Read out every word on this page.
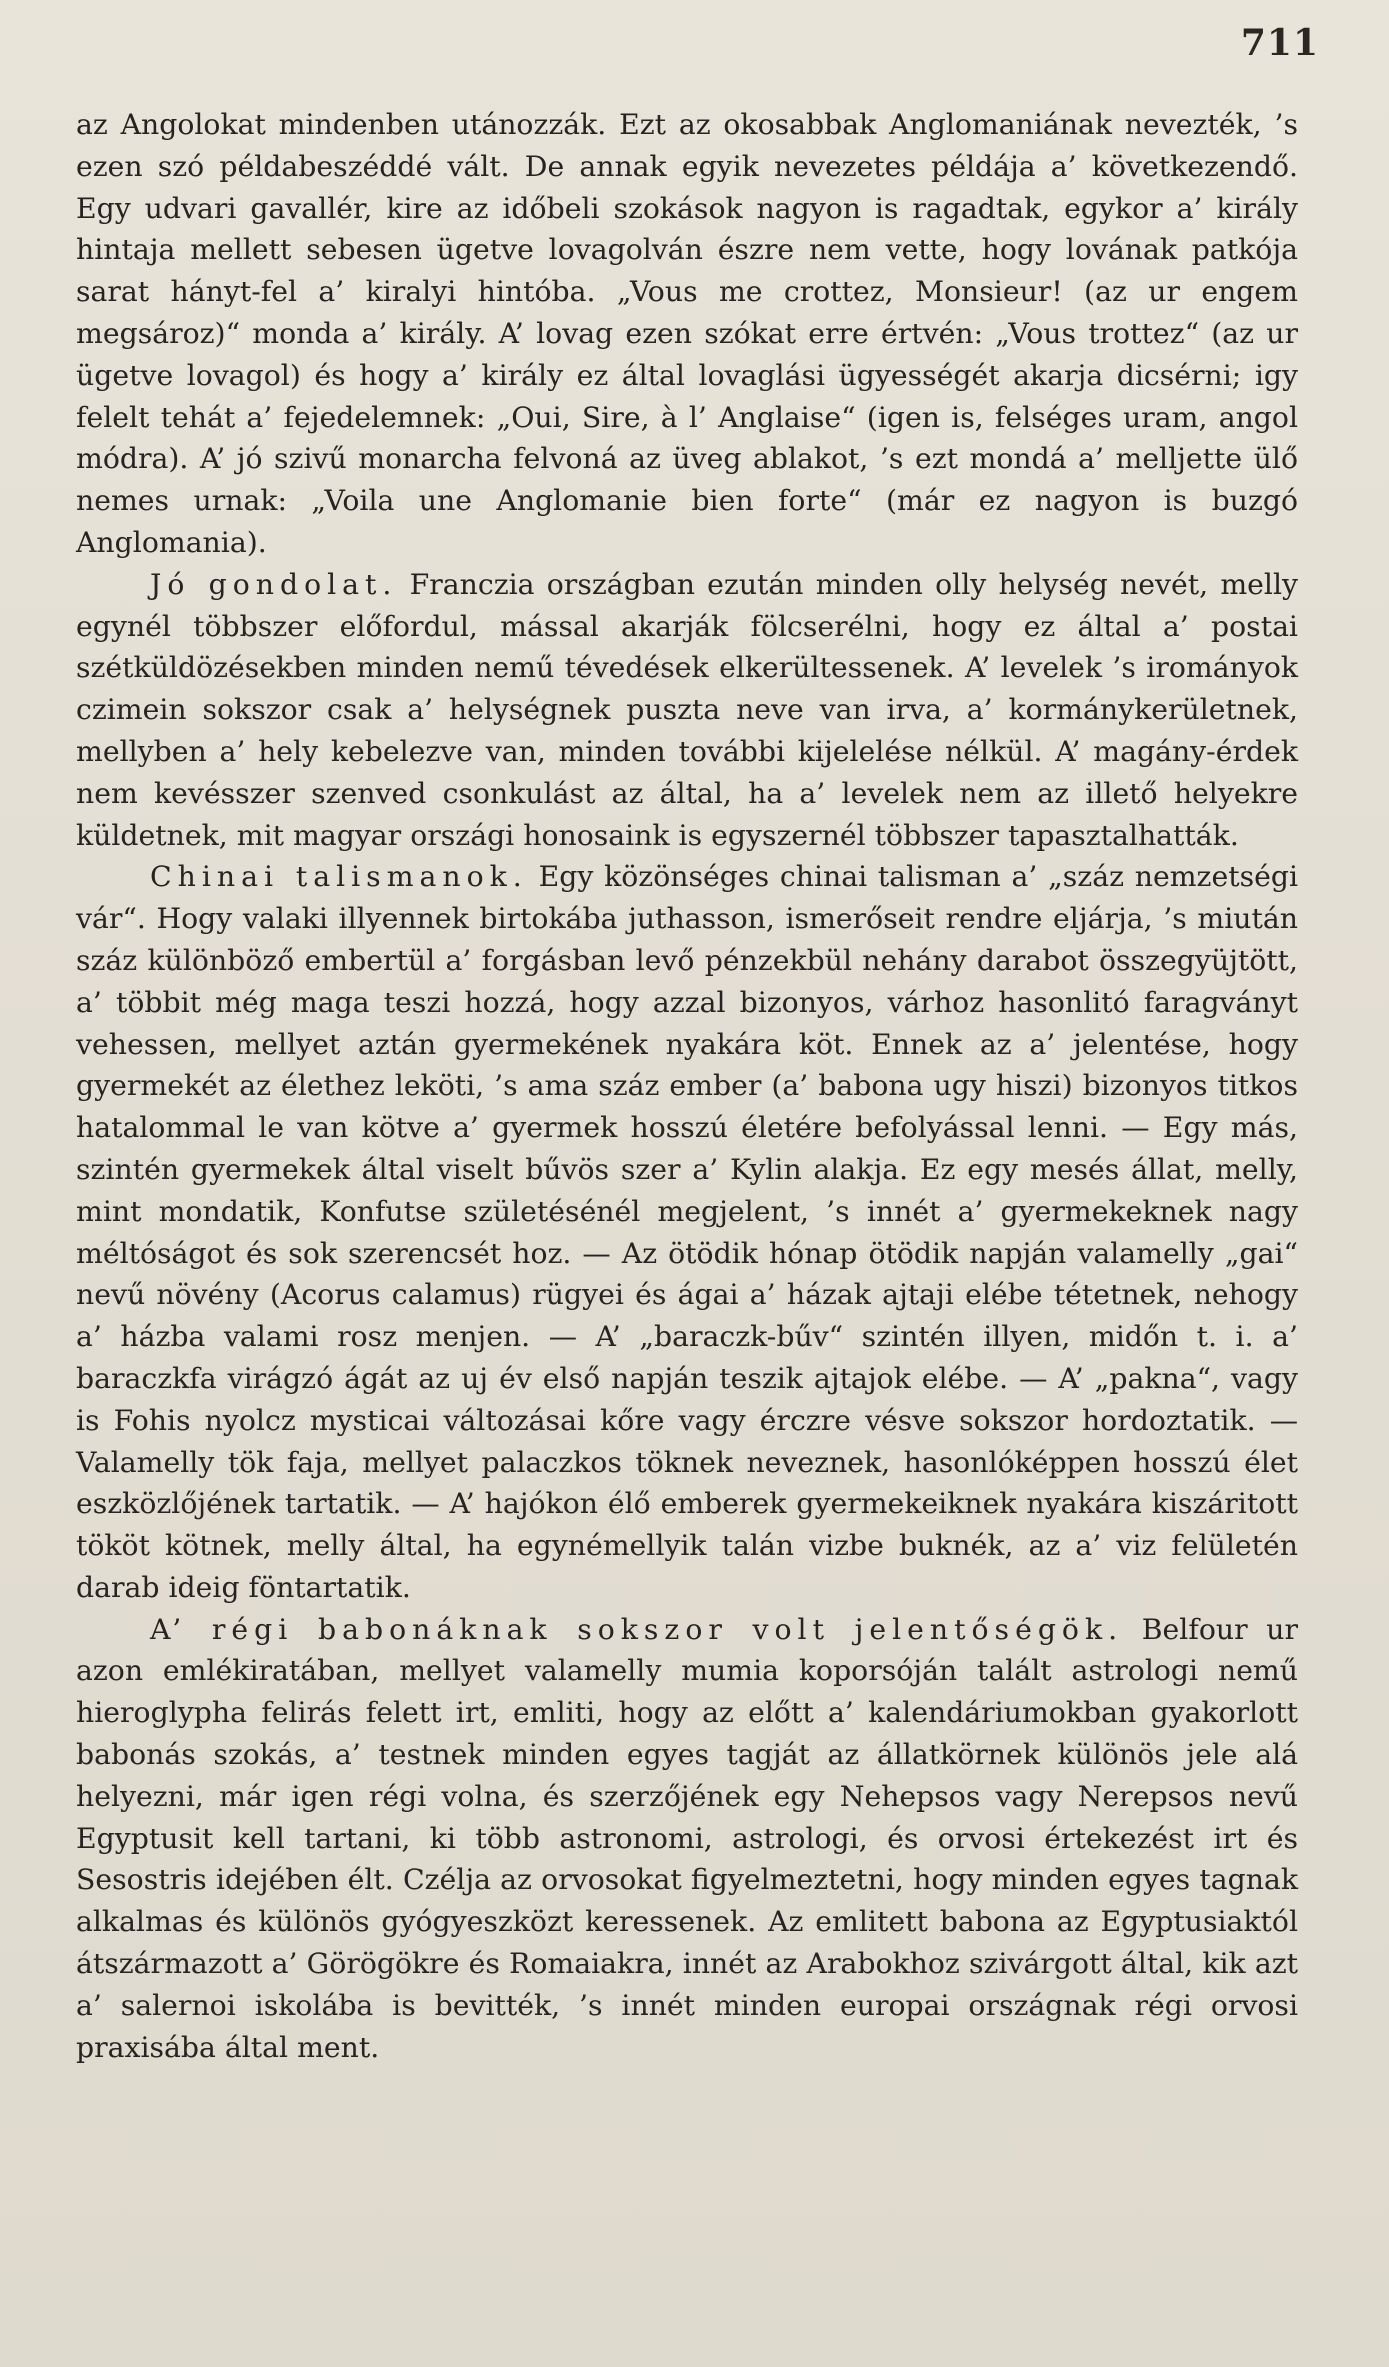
711

az Angolokat mindenben utánozzák. Ezt az okosabbak Anglomaniának nevezték, ’s ezen szó példabeszéddé vált. De annak egyik nevezetes példája a’ következendő. Egy udvari gavallér, kire az időbeli szokások nagyon is ragadtak, egykor a’ király hintaja mellett sebesen ügetve lovagolván észre nem vette, hogy lovának patkója sarat hányt-fel a’ kiralyi hintóba. „Vous me crottez, Monsieur! (az ur engem megsároz)“ monda a’ király. A’ lovag ezen szókat erre értvén: „Vous trottez“ (az ur ügetve lovagol) és hogy a’ király ez által lovaglási ügyességét akarja dicsérni; igy felelt tehát a’ fejedelemnek: „Oui, Sire, à l’ Anglaise“ (igen is, felséges uram, angol módra). A’ jó szivű monarcha felvoná az üveg ablakot, ’s ezt mondá a’ melljette ülő nemes urnak: „Voila une Anglomanie bien forte“ (már ez nagyon is buzgó Anglomania).

Jó gondolat. Franczia országban ezután minden olly helység nevét, melly egynél többszer előfordul, mással akarják fölcserélni, hogy ez által a’ postai szétküldözésekben minden nemű tévedések elkerültessenek. A’ levelek ’s irományok czimein sokszor csak a’ helységnek puszta neve van irva, a’ kormánykerületnek, mellyben a’ hely kebelezve van, minden további kijelelése nélkül. A’ magány-érdek nem kevésszer szenved csonkulást az által, ha a’ levelek nem az illető helyekre küldetnek, mit magyar országi honosaink is egyszernél többszer tapasztalhatták.

Chinai talismanok. Egy közönséges chinai talisman a’ „száz nemzetségi vár“. Hogy valaki illyennek birtokába juthasson, ismerőseit rendre eljárja, ’s miután száz különböző embertül a’ forgásban levő pénzekbül nehány darabot összegyüjtött, a’ többit még maga teszi hozzá, hogy azzal bizonyos, várhoz hasonlitó faragványt vehessen, mellyet aztán gyermekének nyakára köt. Ennek az a’ jelentése, hogy gyermekét az élethez leköti, ’s ama száz ember (a’ babona ugy hiszi) bizonyos titkos hatalommal le van kötve a’ gyermek hosszú életére befolyással lenni. — Egy más, szintén gyermekek által viselt bűvös szer a’ Kylin alakja. Ez egy mesés állat, melly, mint mondatik, Konfutse születésénél megjelent, ’s innét a’ gyermekeknek nagy méltóságot és sok szerencsét hoz. — Az ötödik hónap ötödik napján valamelly „gai“ nevű növény (Acorus calamus) rügyei és ágai a’ házak ajtaji elébe tétetnek, nehogy a’ házba valami rosz menjen. — A’ „baraczk-bűv“ szintén illyen, midőn t. i. a’ baraczkfa virágzó ágát az uj év első napján teszik ajtajok elébe. — A’ „pakna“, vagy is Fohis nyolcz mysticai változásai kőre vagy érczre vésve sokszor hordoztatik. — Valamelly tök faja, mellyet palaczkos töknek neveznek, hasonlóképpen hosszú élet eszközlőjének tartatik. — A’ hajókon élő emberek gyermekeiknek nyakára kiszáritott tököt kötnek, melly által, ha egynémellyik talán vizbe buknék, az a’ viz felületén darab ideig föntartatik.

A’ régi babonáknak sokszor volt jelentőségök. Belfour ur azon emlékiratában, mellyet valamelly mumia koporsóján talált astrologi nemű hieroglypha felirás felett irt, emliti, hogy az előtt a’ kalendáriumokban gyakorlott babonás szokás, a’ testnek minden egyes tagját az állatkörnek különös jele alá helyezni, már igen régi volna, és szerzőjének egy Nehepsos vagy Nerepsos nevű Egyptusit kell tartani, ki több astronomi, astrologi, és orvosi értekezést irt és Sesostris idejében élt. Czélja az orvosokat figyelmeztetni, hogy minden egyes tagnak alkalmas és különös gyógyeszközt keressenek. Az emlitett babona az Egyptusiaktól átszármazott a’ Görögökre és Romaiakra, innét az Arabokhoz szivárgott által, kik azt a’ salernoi iskolába is bevitték, ’s innét minden europai országnak régi orvosi praxisába által ment.
